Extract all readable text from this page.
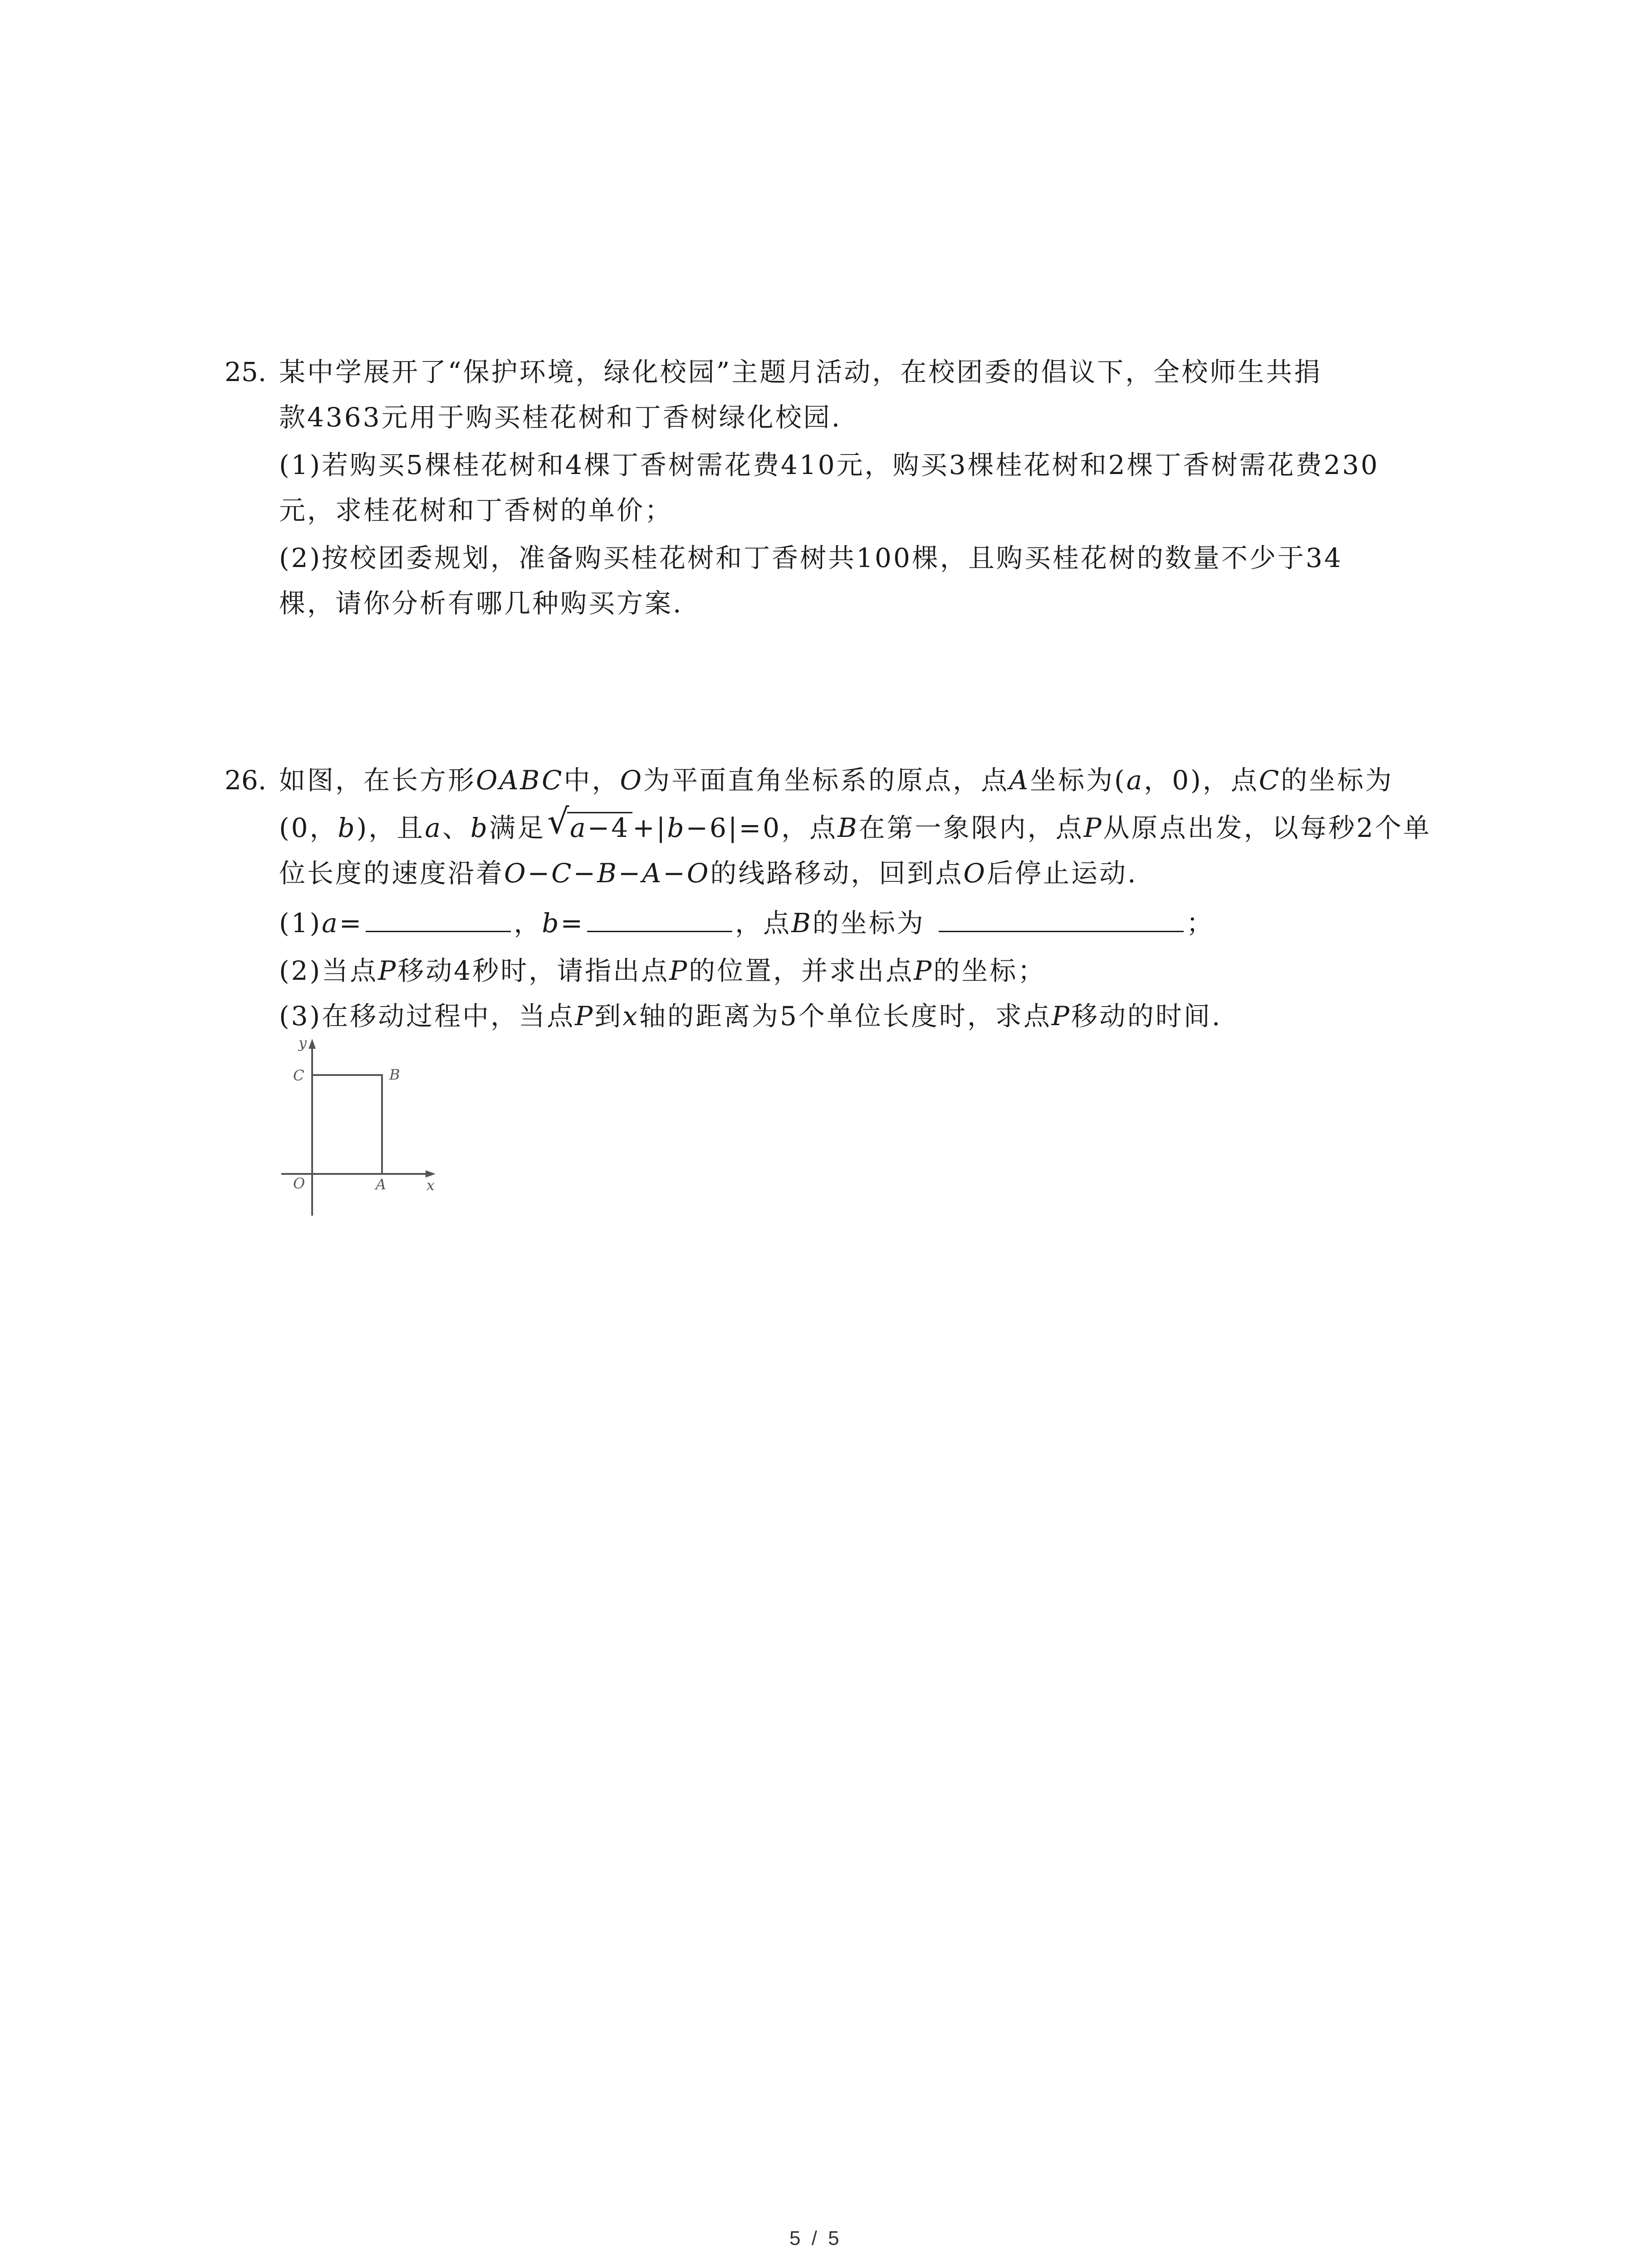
25. 某中学展开了“保护环境，绿化校园”主题月活动，在校团委的倡议下，全校师生共捐
款4363元用于购买桂花树和丁香树绿化校园.
(1)若购买5棵桂花树和4棵丁香树需花费410元，购买3棵桂花树和2棵丁香树需花费230
元，求桂花树和丁香树的单价；
(2)按校团委规划，准备购买桂花树和丁香树共100棵，且购买桂花树的数量不少于34
棵，请你分析有哪几种购买方案.
26. 如图，在长方形OABC中，O为平面直角坐标系的原点，点A坐标为(a，0)，点C的坐标为
(0，b)，且a、b满足 √
a−4 +|b−6|=0，点B在第一象限内，点P从原点出发，以每秒2个单
位长度的速度沿着O−C−B−A−O的线路移动，回到点O后停止运动.
(1)a=	，b=	，点B的坐标为	；
(2)当点P移动4秒时，请指出点P的位置，并求出点P的坐标；
(3)在移动过程中，当点P到x轴的距离为5个单位长度时，求点P移动的时间.
y
C	B
O	A	x
5 / 5
